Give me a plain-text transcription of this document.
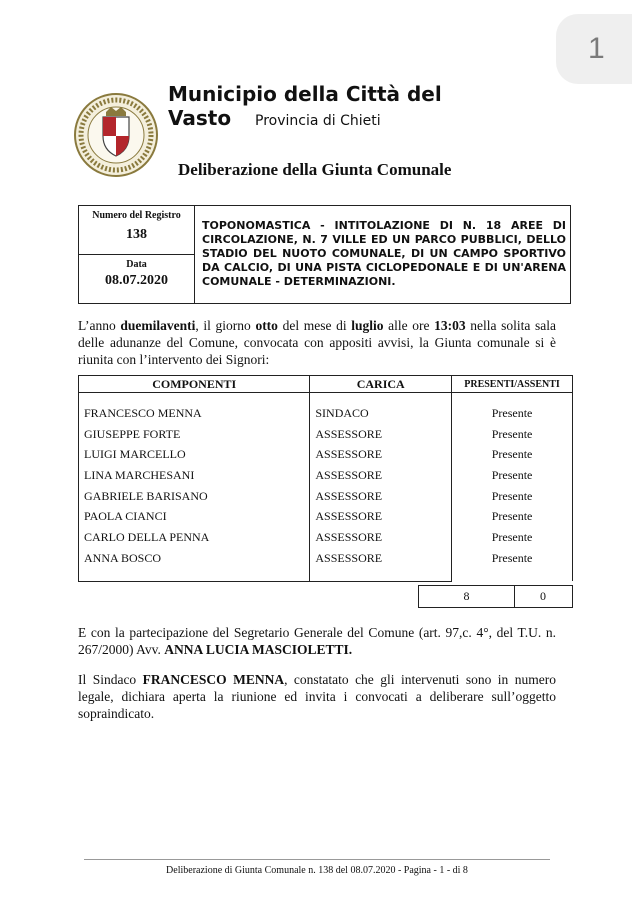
1
Municipio della Città del Vasto	Provincia di Chieti
Deliberazione della Giunta Comunale
Numero del Registro
138
Data
08.07.2020
TOPONOMASTICA - INTITOLAZIONE DI N. 18 AREE DI CIRCOLAZIONE, N. 7 VILLE ED UN PARCO PUBBLICI, DELLO STADIO DEL NUOTO COMUNALE, DI UN CAMPO SPORTIVO DA CALCIO, DI UNA PISTA CICLOPEDONALE E DI UN'ARENA COMUNALE - DETERMINAZIONI.
L’anno duemilaventi, il giorno otto del mese di luglio alle ore 13:03 nella solita sala delle adunanze del Comune, convocata con appositi avvisi, la Giunta comunale si è riunita con l’intervento dei Signori:
COMPONENTI	CARICA	PRESENTI/ASSENTI

FRANCESCO MENNA	SINDACO	Presente
GIUSEPPE FORTE	ASSESSORE	Presente
LUIGI MARCELLO	ASSESSORE	Presente
LINA MARCHESANI	ASSESSORE	Presente
GABRIELE BARISANO	ASSESSORE	Presente
PAOLA CIANCI	ASSESSORE	Presente
CARLO DELLA PENNA	ASSESSORE	Presente
ANNA BOSCO	ASSESSORE	Presente

8	0
E con la partecipazione del Segretario Generale del Comune (art. 97,c. 4°, del T.U. n. 267/2000) Avv. ANNA LUCIA MASCIOLETTI.
Il Sindaco FRANCESCO MENNA, constatato che gli intervenuti sono in numero legale, dichiara aperta la riunione ed invita i convocati a deliberare sull’oggetto sopraindicato.
Deliberazione di Giunta Comunale n. 138 del 08.07.2020 - Pagina - 1 - di 8
